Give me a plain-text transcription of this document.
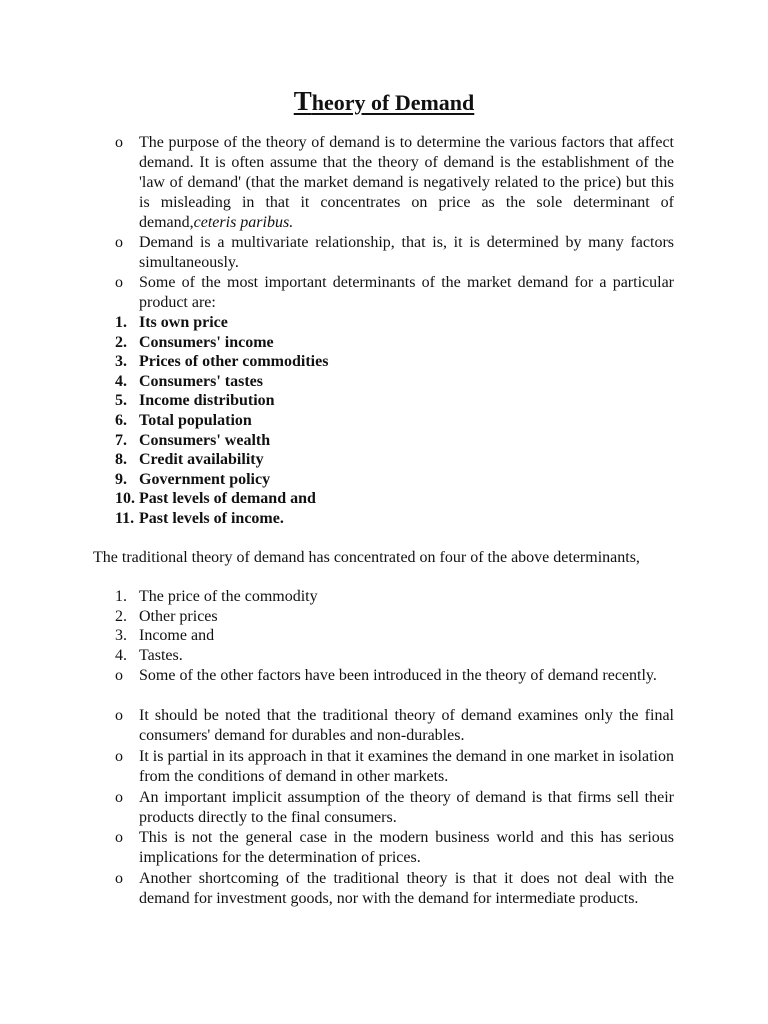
Theory of Demand
o	The purpose of the theory of demand is to determine the various factors that affect demand. It is often assume that the theory of demand is the establishment of the 'law of demand' (that the market demand is negatively related to the price) but this is misleading in that it concentrates on price as the sole determinant of demand,ceteris paribus.
o	Demand is a multivariate relationship, that is, it is determined by many factors simultaneously.
o	Some of the most important determinants of the market demand for a particular product are:
1. Its own price
2. Consumers' income
3. Prices of other commodities
4. Consumers' tastes
5. Income distribution
6. Total population
7. Consumers' wealth
8. Credit availability
9. Government policy
10. Past levels of demand and
11. Past levels of income.

The traditional theory of demand has concentrated on four of the above determinants,

1. The price of the commodity
2. Other prices
3. Income and
4. Tastes.
o	Some of the other factors have been introduced in the theory of demand recently.
o	It should be noted that the traditional theory of demand examines only the final consumers' demand for durables and non-durables.
o	It is partial in its approach in that it examines the demand in one market in isolation from the conditions of demand in other markets.
o	An important implicit assumption of the theory of demand is that firms sell their products directly to the final consumers.
o	This is not the general case in the modern business world and this has serious implications for the determination of prices.
o	Another shortcoming of the traditional theory is that it does not deal with the demand for investment goods, nor with the demand for intermediate products.
